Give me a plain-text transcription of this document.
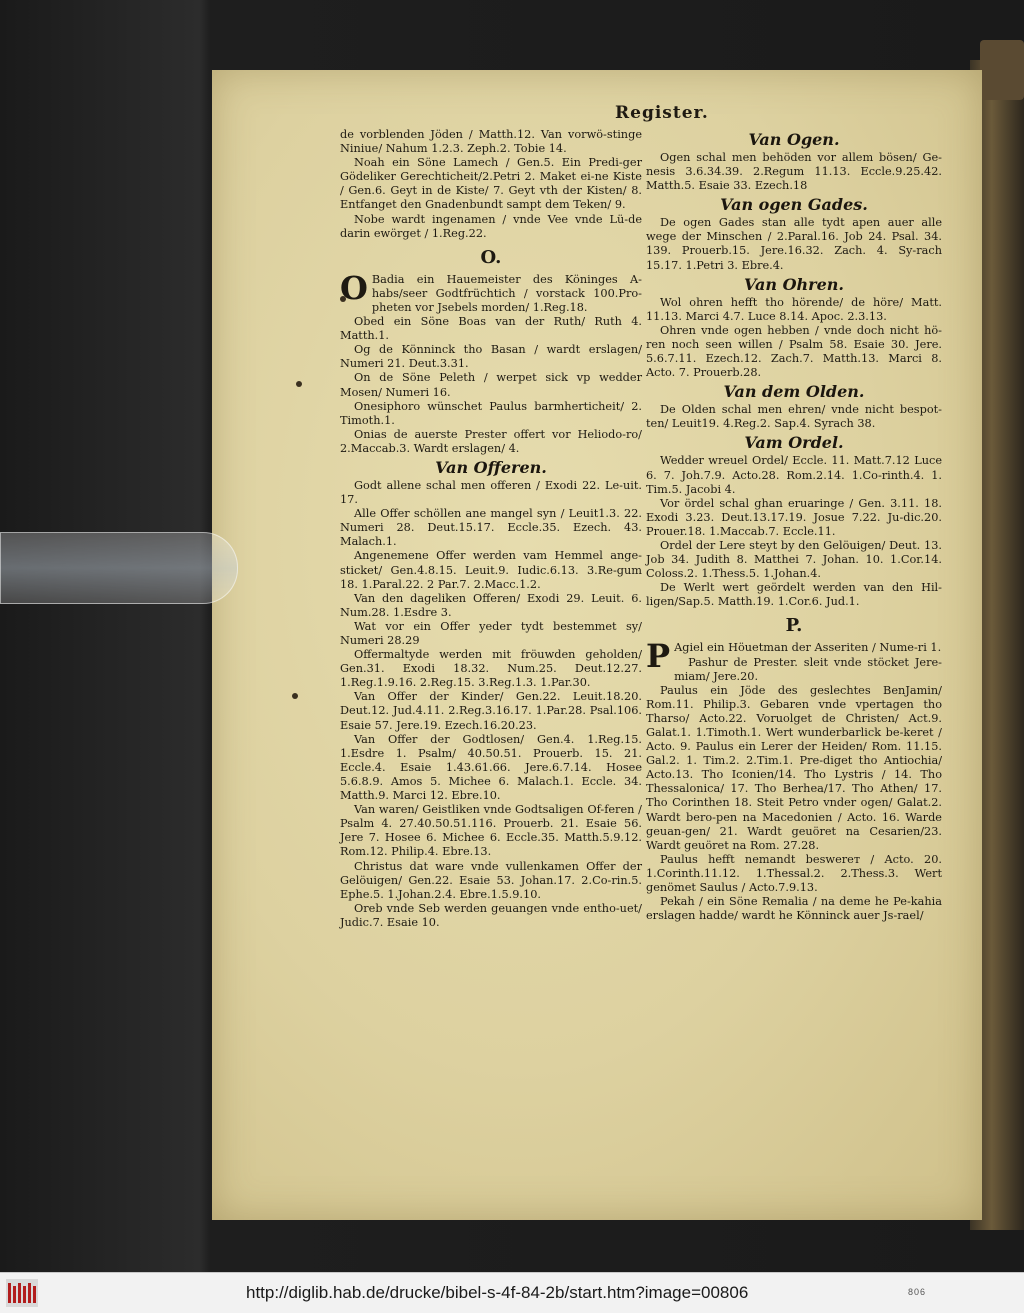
Register.

de vorblenden Jöden / Matth.12. Van vorwö-stinge Niniue/ Nahum 1.2.3. Zeph.2. Tobie 14.

Noah ein Söne Lamech / Gen.5. Ein Predi-ger Gödeliker Gerechticheit/2.Petri 2. Maket ei-ne Kiste / Gen.6. Geyt in de Kiste/ 7. Geyt vth der Kisten/ 8. Entfanget den Gnadenbundt sampt dem Teken/ 9.

Nobe wardt ingenamen / vnde Vee vnde Lü-de darin ewörget / 1.Reg.22.

O.

O Badia ein Hauemeister des Köninges A-habs/seer Godtfrüchtich / vorstack 100.Pro-pheten vor Jsebels morden/ 1.Reg.18.

Obed ein Söne Boas van der Ruth/ Ruth 4. Matth.1.

Og de Könninck tho Basan / wardt erslagen/ Numeri 21. Deut.3.31.

On de Söne Peleth / werpet sick vp wedder Mosen/ Numeri 16.

Onesiphoro wünschet Paulus barmherticheit/ 2. Timoth.1.

Onias de auerste Prester offert vor Heliodo-ro/ 2.Maccab.3. Wardt erslagen/ 4.

Van Offeren.

Godt allene schal men offeren / Exodi 22. Le-uit. 17.

Alle Offer schöllen ane mangel syn / Leuit1.3. 22. Numeri 28. Deut.15.17. Eccle.35. Ezech. 43. Malach.1.

Angenemene Offer werden vam Hemmel ange-sticket/ Gen.4.8.15. Leuit.9. Iudic.6.13. 3.Re-gum 18. 1.Paral.22. 2 Par.7. 2.Macc.1.2.

Van den dageliken Offeren/ Exodi 29. Leuit. 6. Num.28. 1.Esdre 3.

Wat vor ein Offer yeder tydt bestemmet sy/ Numeri 28.29

Offermaltyde werden mit fröuwden geholden/ Gen.31. Exodi 18.32. Num.25. Deut.12.27. 1.Reg.1.9.16. 2.Reg.15. 3.Reg.1.3. 1.Par.30.

Van Offer der Kinder/ Gen.22. Leuit.18.20. Deut.12. Jud.4.11. 2.Reg.3.16.17. 1.Par.28. Psal.106. Esaie 57. Jere.19. Ezech.16.20.23.

Van Offer der Godtlosen/ Gen.4. 1.Reg.15. 1.Esdre 1. Psalm/ 40.50.51. Prouerb. 15. 21. Eccle.4. Esaie 1.43.61.66. Jere.6.7.14. Hosee 5.6.8.9. Amos 5. Michee 6. Malach.1. Eccle. 34. Matth.9. Marci 12. Ebre.10.

Van waren/ Geistliken vnde Godtsaligen Of-feren / Psalm 4. 27.40.50.51.116. Prouerb. 21. Esaie 56. Jere 7. Hosee 6. Michee 6. Eccle.35. Matth.5.9.12. Rom.12. Philip.4. Ebre.13.

Christus dat ware vnde vullenkamen Offer der Gelöuigen/ Gen.22. Esaie 53. Johan.17. 2.Co-rin.5. Ephe.5. 1.Johan.2.4. Ebre.1.5.9.10.

Oreb vnde Seb werden geuangen vnde entho-uet/ Judic.7. Esaie 10.

Van Ogen.

Ogen schal men behöden vor allem bösen/ Ge-nesis 3.6.34.39. 2.Regum 11.13. Eccle.9.25.42. Matth.5. Esaie 33. Ezech.18

Van ogen Gades.

De ogen Gades stan alle tydt apen auer alle wege der Minschen / 2.Paral.16. Job 24. Psal. 34. 139. Prouerb.15. Jere.16.32. Zach. 4. Sy-rach 15.17. 1.Petri 3. Ebre.4.

Van Ohren.

Wol ohren hefft tho hörende/ de höre/ Matt. 11.13. Marci 4.7. Luce 8.14. Apoc. 2.3.13.

Ohren vnde ogen hebben / vnde doch nicht hö-ren noch seen willen / Psalm 58. Esaie 30. Jere. 5.6.7.11. Ezech.12. Zach.7. Matth.13. Marci 8. Acto. 7. Prouerb.28.

Van dem Olden.

De Olden schal men ehren/ vnde nicht bespot-ten/ Leuit19. 4.Reg.2. Sap.4. Syrach 38.

Vam Ordel.

Wedder wreuel Ordel/ Eccle. 11. Matt.7.12 Luce 6. 7. Joh.7.9. Acto.28. Rom.2.14. 1.Co-rinth.4. 1. Tim.5. Jacobi 4.

Vor ördel schal ghan eruaringe / Gen. 3.11. 18. Exodi 3.23. Deut.13.17.19. Josue 7.22. Ju-dic.20. Prouer.18. 1.Maccab.7. Eccle.11.

Ordel der Lere steyt by den Gelöuigen/ Deut. 13. Job 34. Judith 8. Matthei 7. Johan. 10. 1.Cor.14. Coloss.2. 1.Thess.5. 1.Johan.4.

De Werlt wert geördelt werden van den Hil-ligen/Sap.5. Matth.19. 1.Cor.6. Jud.1.

P.

P Agiel ein Höuetman der Asseriten / Nume-ri 1.

Pashur de Prester. sleit vnde stöcket Jere-miam/ Jere.20.

Paulus ein Jöde des geslechtes BenJamin/ Rom.11. Philip.3. Gebaren vnde vpertagen tho Tharso/ Acto.22. Voruolget de Christen/ Act.9. Galat.1. 1.Timoth.1. Wert wunderbarlick be-keret / Acto. 9. Paulus ein Lerer der Heiden/ Rom. 11.15. Gal.2. 1. Tim.2. 2.Tim.1. Pre-diget tho Antiochia/ Acto.13. Tho Iconien/14. Tho Lystris / 14. Tho Thessalonica/ 17. Tho Berhea/17. Tho Athen/ 17. Tho Corinthen 18. Steit Petro vnder ogen/ Galat.2. Wardt bero-pen na Macedonien / Acto. 16. Warde geuan-gen/ 21. Wardt geuöret na Cesarien/23. Wardt geuöret na Rom. 27.28.

Paulus hefft nemandt beswerет / Acto. 20. 1.Corinth.11.12. 1.Thessal.2. 2.Thess.3. Wert genömet Saulus / Acto.7.9.13.

Pekah / ein Söne Remalia / na deme he Pe-kahia erslagen hadde/ wardt he Könninck auer Js-rael/

http://diglib.hab.de/drucke/bibel-s-4f-84-2b/start.htm?image=00806	806
